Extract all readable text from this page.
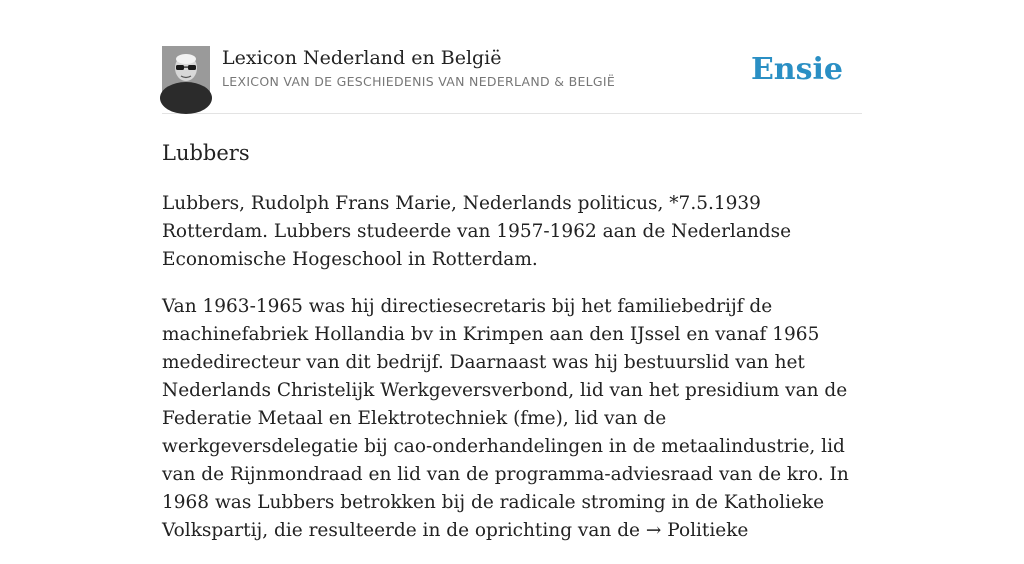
Lexicon Nederland en België
LEXICON VAN DE GESCHIEDENIS VAN NEDERLAND & BELGIË	Ensie
Lubbers

Lubbers, Rudolph Frans Marie, Nederlands politicus, *7.5.1939 Rotterdam. Lubbers studeerde van 1957-1962 aan de Nederlandse Economische Hogeschool in Rotterdam.

Van 1963-1965 was hij directiesecretaris bij het familiebedrijf de machinefabriek Hollandia bv in Krimpen aan den IJssel en vanaf 1965 mededirecteur van dit bedrijf. Daarnaast was hij bestuurslid van het Nederlands Christelijk Werkgeversverbond, lid van het presidium van de Federatie Metaal en Elektrotechniek (fme), lid van de werkgeversdelegatie bij cao-onderhandelingen in de metaalindustrie, lid van de Rijnmondraad en lid van de programma-adviesraad van de kro. In 1968 was Lubbers betrokken bij de radicale stroming in de Katholieke Volkspartij, die resulteerde in de oprichting van de → Politieke
